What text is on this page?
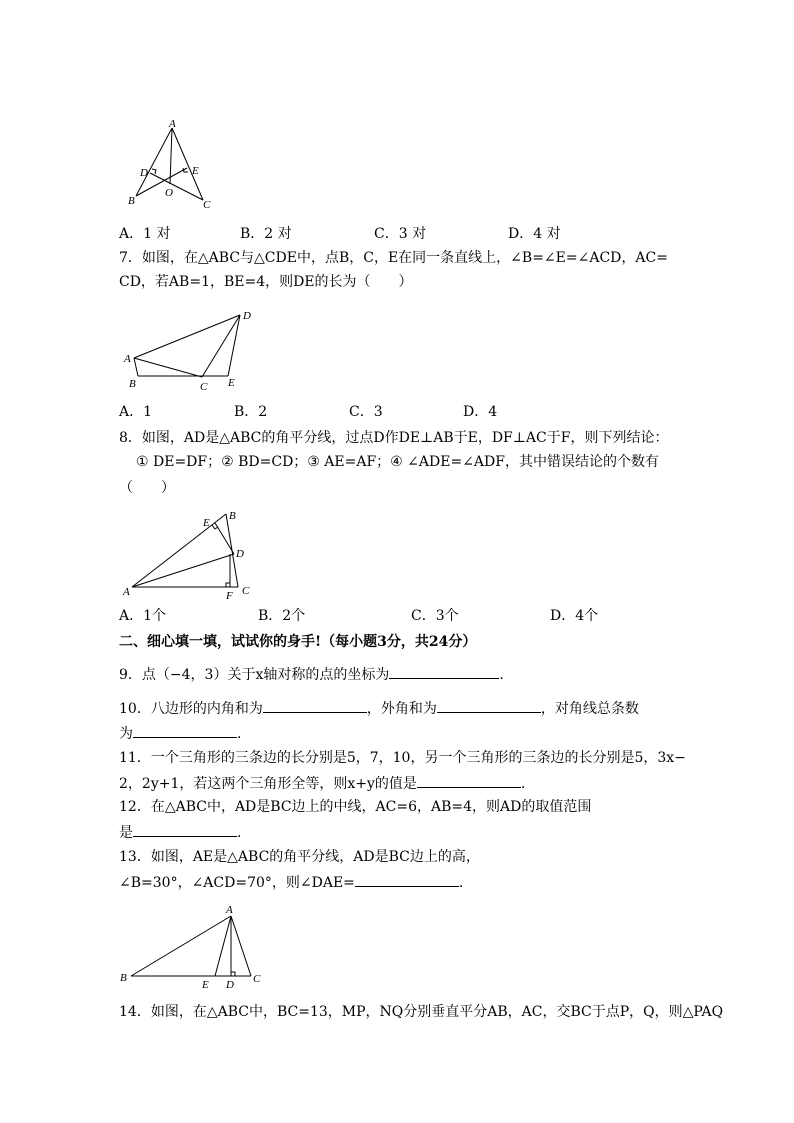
A
D	E
O
B	C
A．1 对	B．2 对	C．3 对	D．4 对
7．如图，在△ABC与△CDE中，点B，C，E在同一条直线上，∠B=∠E=∠ACD，AC=
CD，若AB=1，BE=4，则DE的长为（　　）
D
A
B	C E
A．1	B．2	C．3	D．4
8．如图，AD是△ABC的角平分线，过点D作DE⊥AB于E，DF⊥AC于F，则下列结论：
① DE=DF；② BD=CD；③ AE=AF；④ ∠ADE=∠ADF，其中错误结论的个数有
（　　）
E
B
D
A	F C
A．1个	B．2个	C．3个	D．4个
二、细心填一填，试试你的身手!（每小题3分，共24分）
9．点（−4，3）关于x轴对称的点的坐标为	.
10．八边形的内角和为	，外角和为	，对角线总条数
为	.
11．一个三角形的三条边的长分别是5，7，10，另一个三角形的三条边的长分别是5，3x−
2，2y+1，若这两个三角形全等，则x+y的值是	.
12．在△ABC中，AD是BC边上的中线，AC=6，AB=4，则AD的取值范围
是	.
13．如图，AE是△ABC的角平分线，AD是BC边上的高，
∠B=30°，∠ACD=70°，则∠DAE=	.
A
B
E D C
14．如图，在△ABC中，BC=13，MP，NQ分别垂直平分AB，AC，交BC于点P，Q，则△PAQ
